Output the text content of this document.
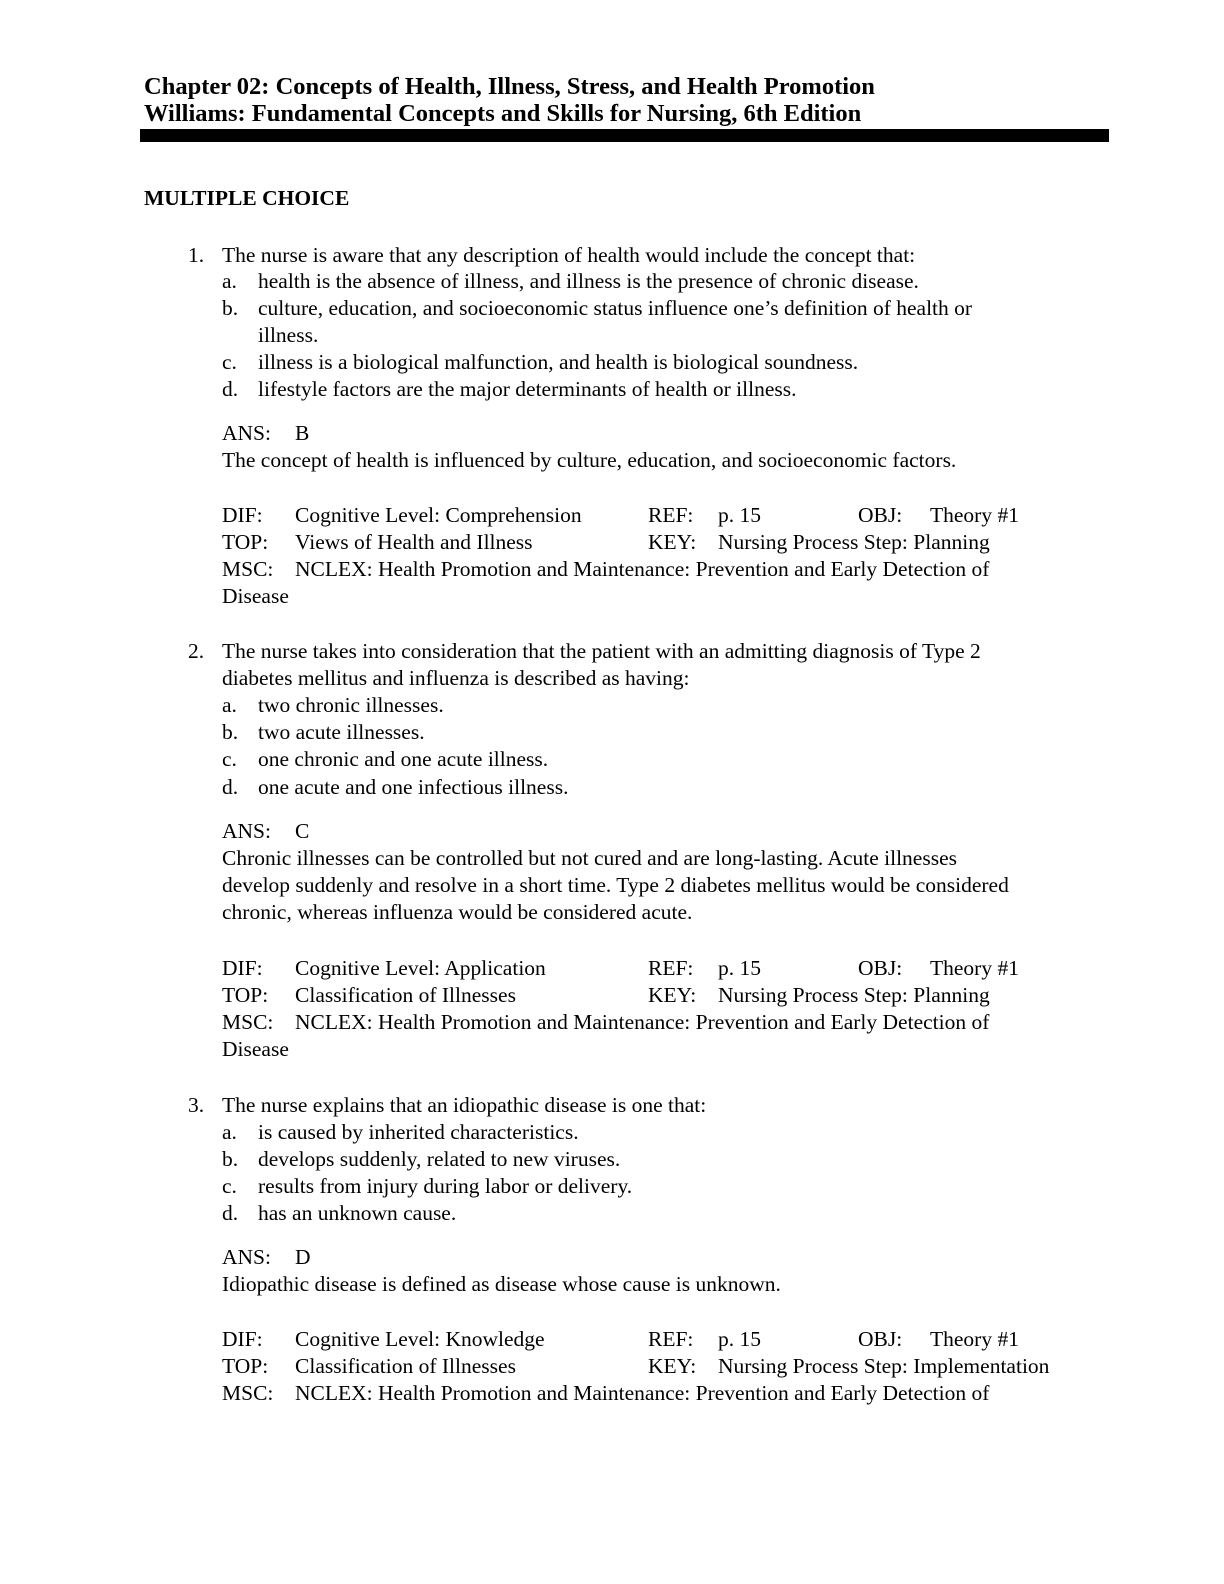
Chapter 02: Concepts of Health, Illness, Stress, and Health Promotion
Williams: Fundamental Concepts and Skills for Nursing, 6th Edition
MULTIPLE CHOICE
1. The nurse is aware that any description of health would include the concept that:
a. health is the absence of illness, and illness is the presence of chronic disease.
b. culture, education, and socioeconomic status influence one’s definition of health or
illness.
c. illness is a biological malfunction, and health is biological soundness.
d. lifestyle factors are the major determinants of health or illness.
ANS: B
The concept of health is influenced by culture, education, and socioeconomic factors.
DIF: Cognitive Level: Comprehension	REF: p. 15	OBJ: Theory #1
TOP: Views of Health and Illness	KEY: Nursing Process Step: Planning
MSC: NCLEX: Health Promotion and Maintenance: Prevention and Early Detection of
Disease
2. The nurse takes into consideration that the patient with an admitting diagnosis of Type 2
diabetes mellitus and influenza is described as having:
a. two chronic illnesses.
b. two acute illnesses.
c. one chronic and one acute illness.
d. one acute and one infectious illness.
ANS: C
Chronic illnesses can be controlled but not cured and are long-lasting. Acute illnesses
develop suddenly and resolve in a short time. Type 2 diabetes mellitus would be considered
chronic, whereas influenza would be considered acute.
DIF: Cognitive Level: Application	REF: p. 15	OBJ: Theory #1
TOP: Classification of Illnesses	KEY: Nursing Process Step: Planning
MSC: NCLEX: Health Promotion and Maintenance: Prevention and Early Detection of
Disease
3. The nurse explains that an idiopathic disease is one that:
a. is caused by inherited characteristics.
b. develops suddenly, related to new viruses.
c. results from injury during labor or delivery.
d. has an unknown cause.
ANS: D
Idiopathic disease is defined as disease whose cause is unknown.
DIF: Cognitive Level: Knowledge	REF: p. 15	OBJ: Theory #1
TOP: Classification of Illnesses	KEY: Nursing Process Step: Implementation
MSC: NCLEX: Health Promotion and Maintenance: Prevention and Early Detection of
